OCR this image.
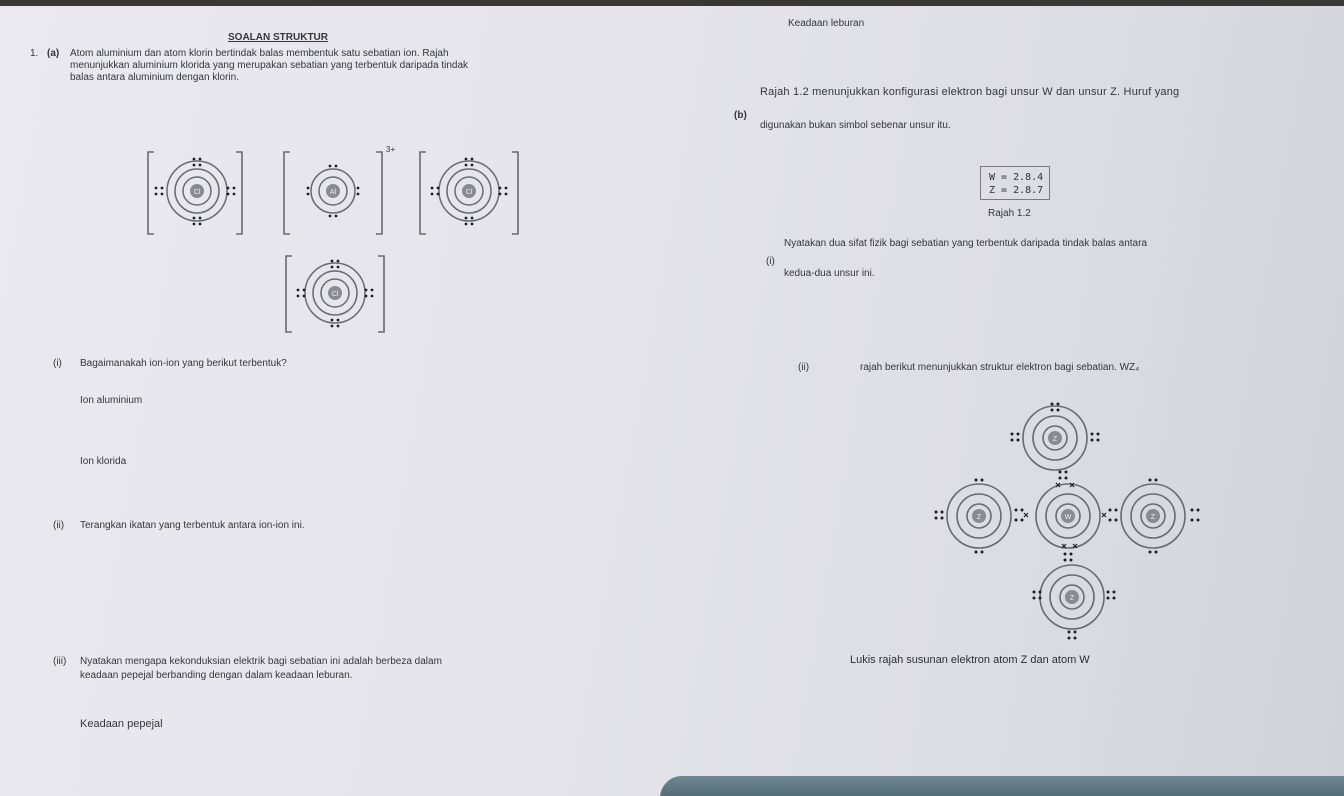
SOALAN STRUKTUR
Keadaan leburan
1. (a) Atom aluminium dan atom klorin bertindak balas membentuk satu sebatian ion. Rajah
menunjukkan aluminium klorida yang merupakan sebatian yang terbentuk daripada tindak
balas antara aluminium dengan klorin.
Cl	Al
3+
Cl
Cl
(i) Bagaimanakah ion-ion yang berikut terbentuk?
Ion aluminium
Ion klorida
(ii) Terangkan ikatan yang terbentuk antara ion-ion ini.
(iii) Nyatakan mengapa kekonduksian elektrik bagi sebatian ini adalah berbeza dalam
keadaan pepejal berbanding dengan dalam keadaan leburan.
Keadaan pepejal
(b)
Rajah 1.2 menunjukkan konfigurasi elektron bagi unsur W dan unsur Z. Huruf yang
digunakan bukan simbol sebenar unsur itu.
W = 2.8.4
Z = 2.8.7
Rajah 1.2
(i)
Nyatakan dua sifat fizik bagi sebatian yang terbentuk daripada tindak balas antara
kedua-dua unsur ini.
(ii)	rajah berikut menunjukkan struktur elektron bagi sebatian. WZ₄
Z
W
Z	Z
Z
Lukis rajah susunan elektron atom Z dan atom W
